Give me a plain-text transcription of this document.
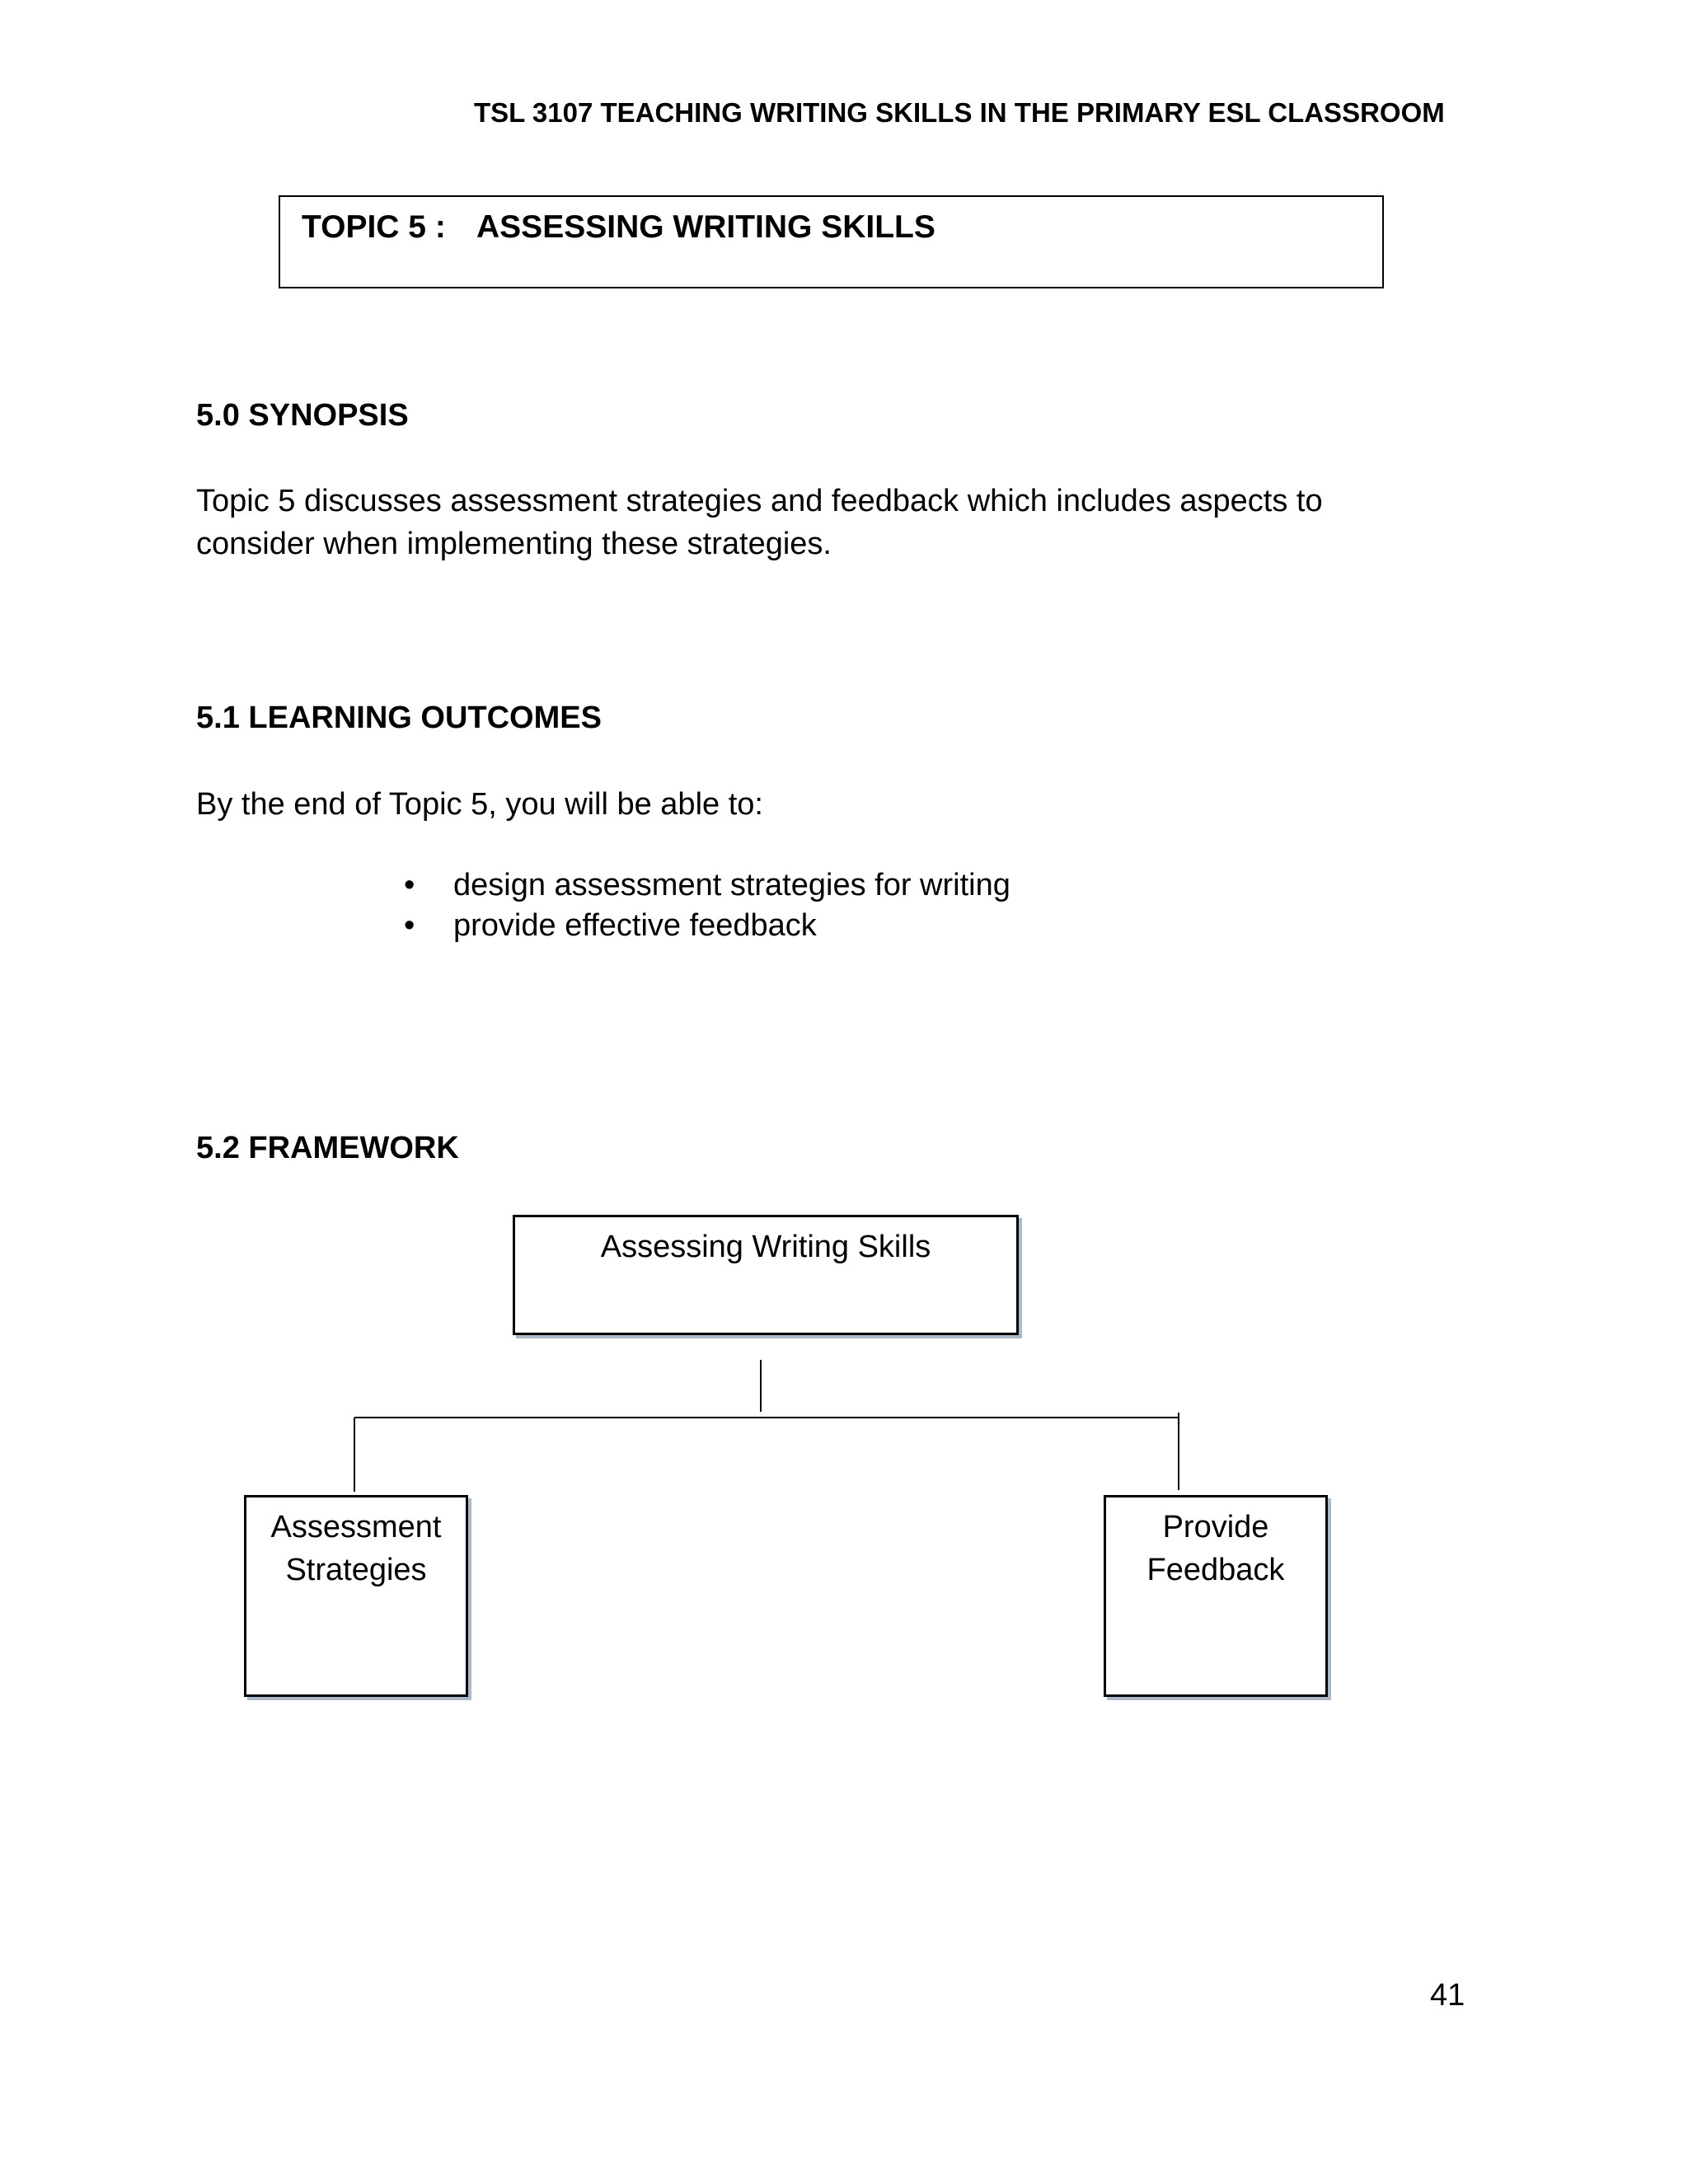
TSL 3107 TEACHING WRITING SKILLS IN THE PRIMARY ESL CLASSROOM
TOPIC 5 : ASSESSING WRITING SKILLS
5.0 SYNOPSIS
Topic 5 discusses assessment strategies and feedback which includes aspects to consider when implementing these strategies.
5.1 LEARNING OUTCOMES
By the end of Topic 5, you will be able to:
• design assessment strategies for writing
• provide effective feedback
5.2 FRAMEWORK
Assessing Writing Skills
Assessment Strategies
Provide Feedback
41
